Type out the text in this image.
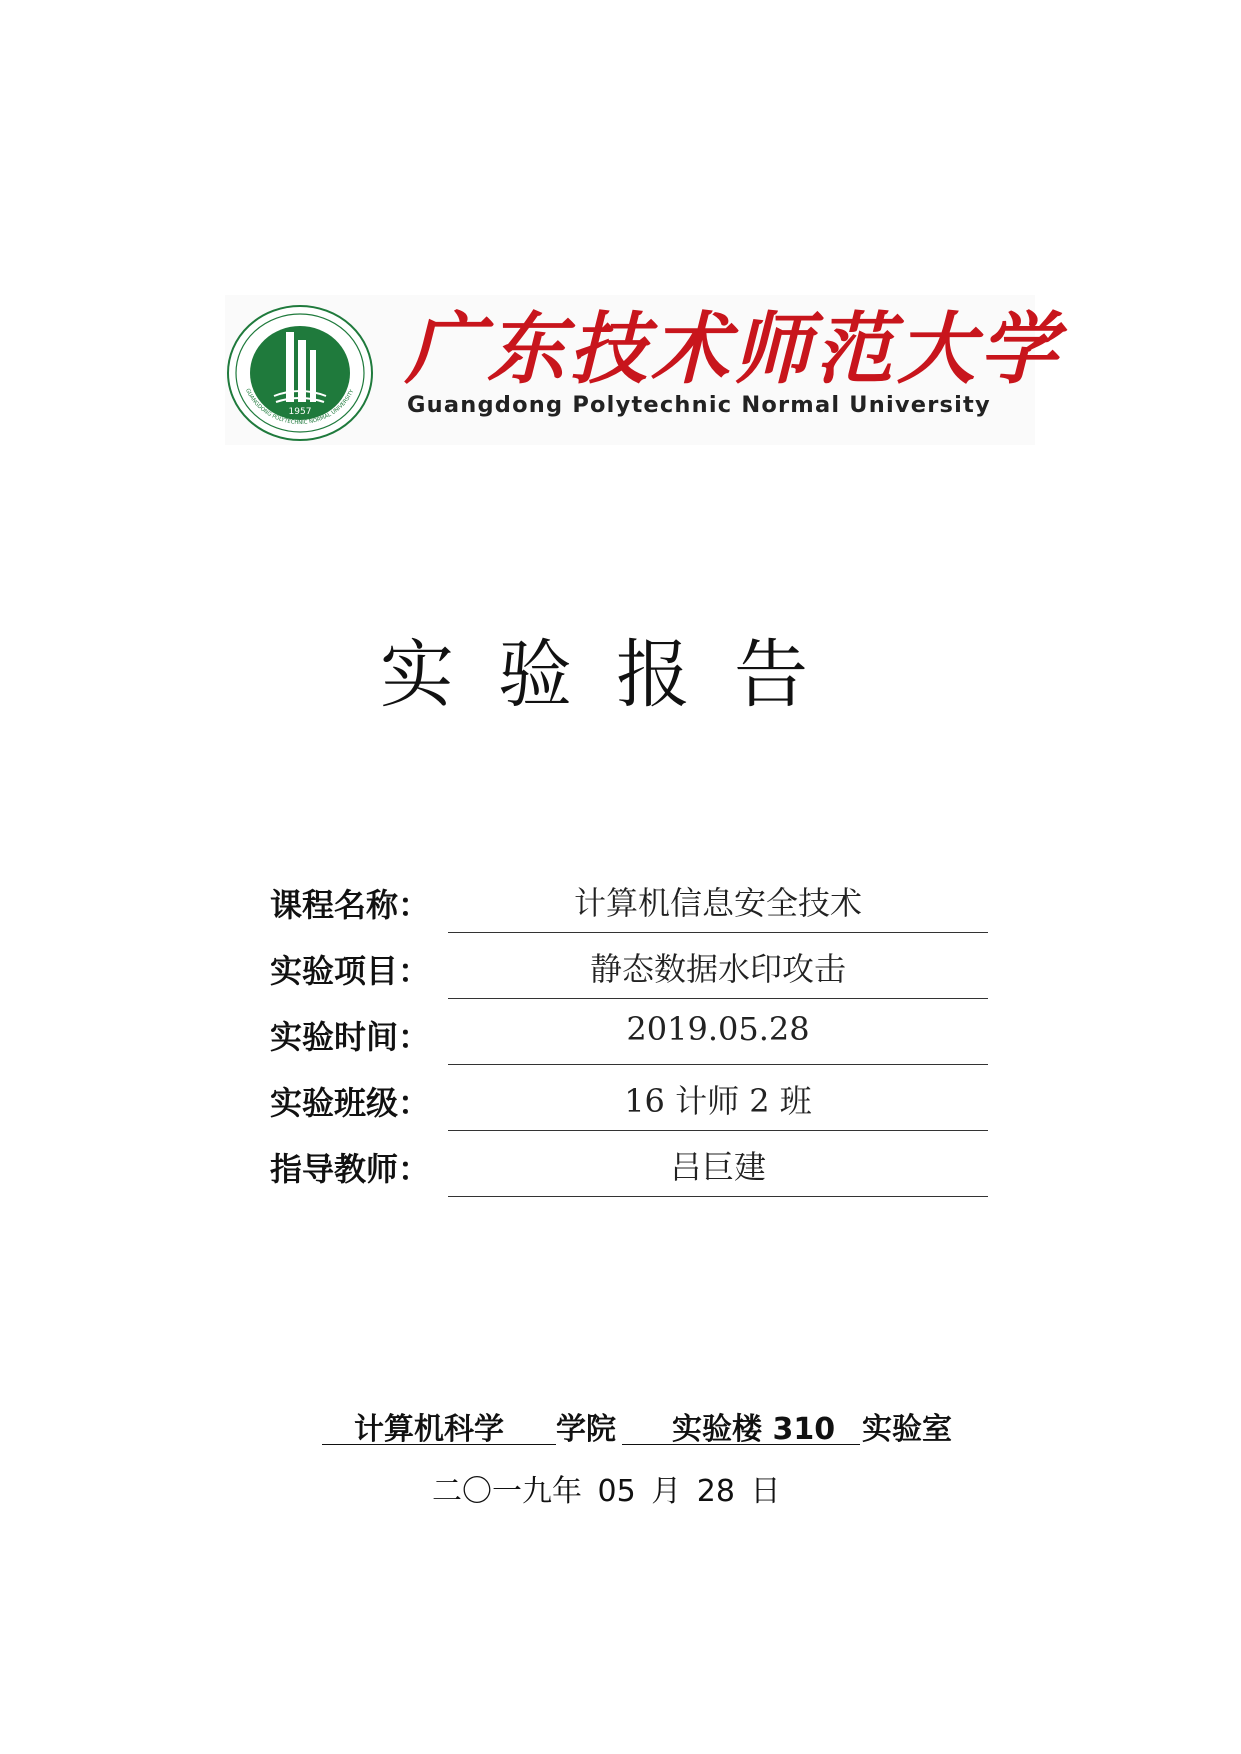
1957
GUANGDONG POLYTECHNIC NORMAL UNIVERSITY 广东技术师范大学
Guangdong Polytechnic Normal University
实验报告
课程名称：	计算机信息安全技术
实验项目：	静态数据水印攻击
实验时间：	2019.05.28
实验班级：	16 计师 2 班
指导教师：	吕巨建
计算机科学 学院 实验楼 310 实验室
二〇一九年 05 月 28 日
